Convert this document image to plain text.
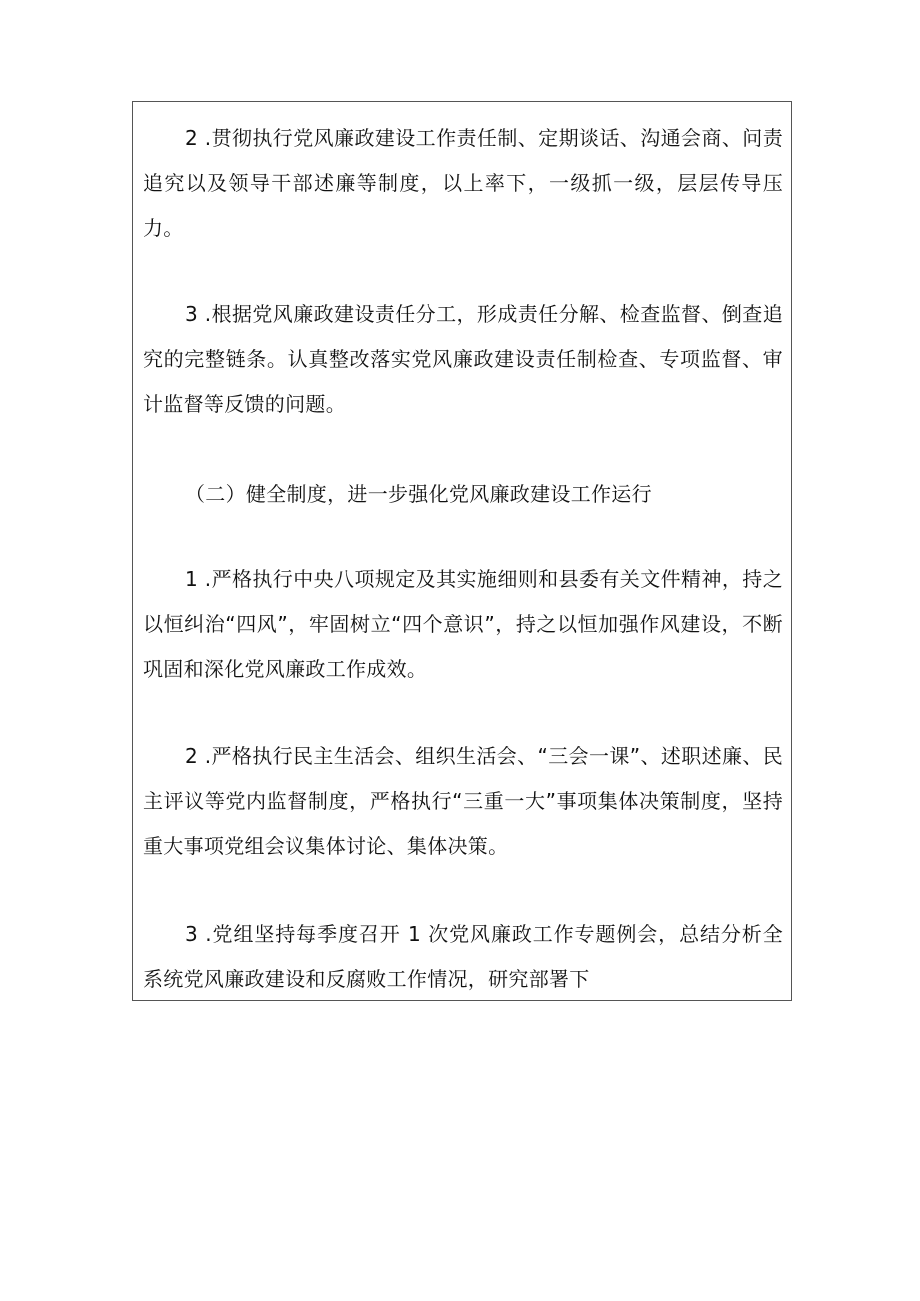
2 .贯彻执行党风廉政建设工作责任制、定期谈话、沟通会商、问责追究以及领导干部述廉等制度，以上率下，一级抓一级，层层传导压力。

3 .根据党风廉政建设责任分工，形成责任分解、检查监督、倒查追究的完整链条。认真整改落实党风廉政建设责任制检查、专项监督、审计监督等反馈的问题。

（二）健全制度，进一步强化党风廉政建设工作运行

1 .严格执行中央八项规定及其实施细则和县委有关文件精神，持之以恒纠治“四风”，牢固树立“四个意识”，持之以恒加强作风建设，不断巩固和深化党风廉政工作成效。

2 .严格执行民主生活会、组织生活会、“三会一课”、述职述廉、民主评议等党内监督制度，严格执行“三重一大”事项集体决策制度，坚持重大事项党组会议集体讨论、集体决策。

3 .党组坚持每季度召开 1 次党风廉政工作专题例会，总结分析全系统党风廉政建设和反腐败工作情况，研究部署下
